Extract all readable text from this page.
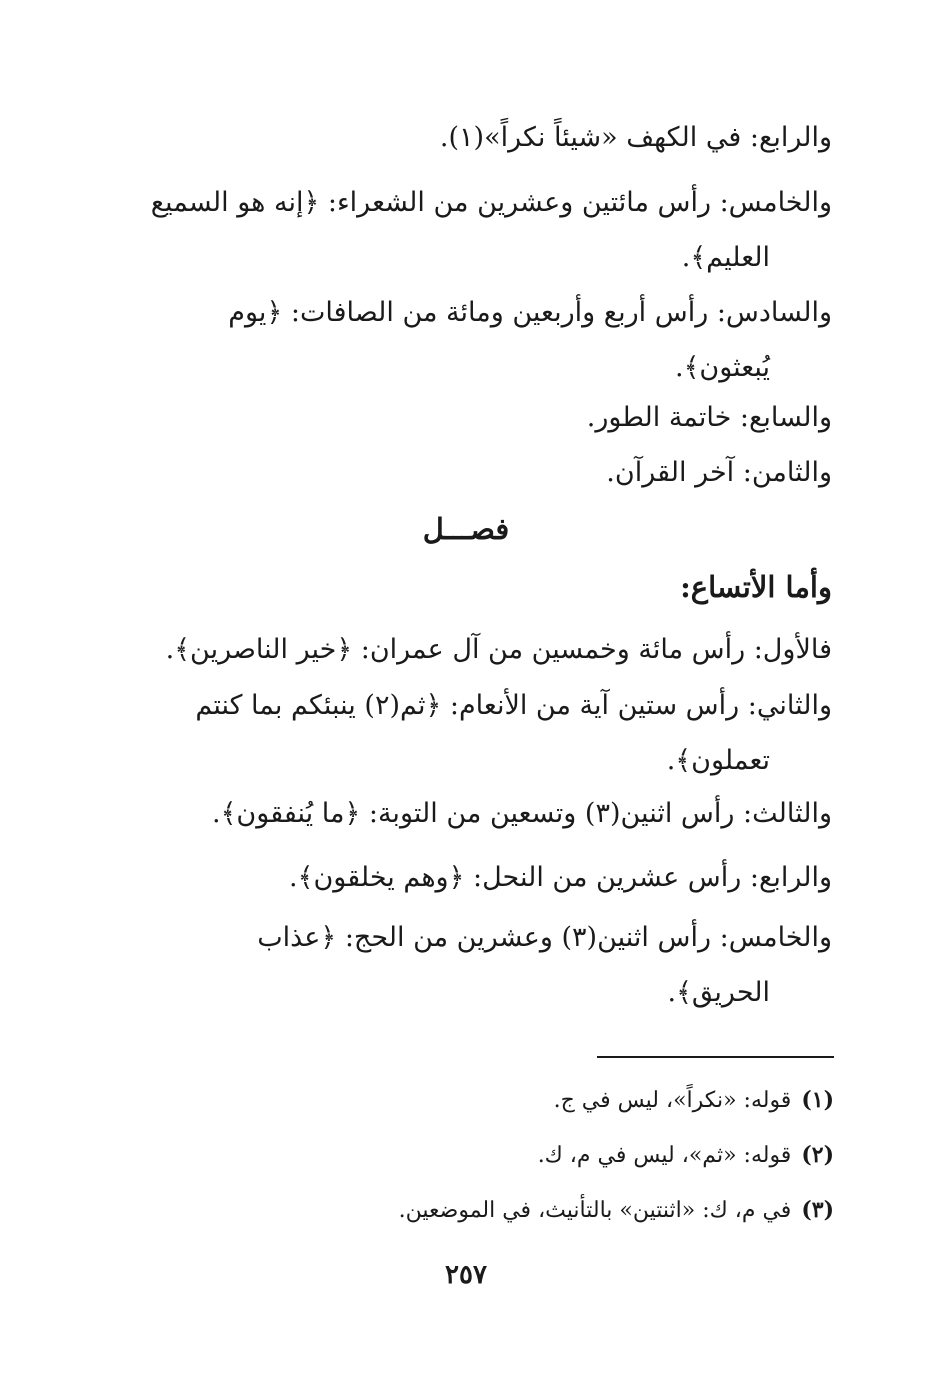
والرابع: في الكهف «شيئاً نكراً»(١).

والخامس: رأس مائتين وعشرين من الشعراء: ﴿إنه هو السميع
العليم﴾.

والسادس: رأس أربع وأربعين ومائة من الصافات: ﴿يوم
يُبعثون﴾.

والسابع: خاتمة الطور.

والثامن: آخر القرآن.

فصـــل
وأما الأتساع:

فالأول: رأس مائة وخمسين من آل عمران: ﴿خير الناصرين﴾.

والثاني: رأس ستين آية من الأنعام: ﴿ثم(٢) ينبئكم بما كنتم
تعملون﴾.

والثالث: رأس اثنين(٣) وتسعين من التوبة: ﴿ما يُنفقون﴾.

والرابع: رأس عشرين من النحل: ﴿وهم يخلقون﴾.

والخامس: رأس اثنين(٣) وعشرين من الحج: ﴿عذاب
الحريق﴾.

(١)قوله: «نكراً»، ليس في ج.
(٢)قوله: «ثم»، ليس في م، ك.
(٣)في م، ك: «اثنتين» بالتأنيث، في الموضعين.
٢٥٧
